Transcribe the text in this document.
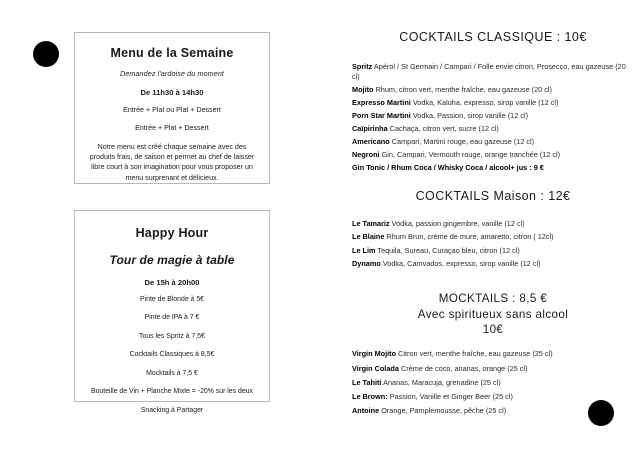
Menu de la Semaine
Demandez l'ardoise du moment
De 11h30 à 14h30
Entrée + Plat ou Plat + Dessert
Entrée + Plat + Dessert
Notre menu est créé chaque semaine avec des produits frais, de saison et permet au chef de laisser libre court à son imagination pour vous proposer un menu surprenant et délicieux.
Happy Hour
Tour de magie à table
De 15h à 20h00
Pinte de Blonde à 5€
Pinte de IPA à 7 €
Tous les Spritz à 7,5€
Cocktails Classiques à 8,5€
Mocktails à 7,5 €
Bouteille de Vin + Planche Mixte = -20% sur les deux
Snacking à Partager
COCKTAILS CLASSIQUE : 10€
Spritz Apérol / St Germain / Campari / Folle envie citron, Prosecco, eau gazeuse (20 cl)
Mojito Rhum, citron vert, menthe fraîche, eau gazeuse (20 cl)
Expresso Martini Vodka, Kaluha, expresso, sirop vanille (12 cl)
Porn Star Martini Vodka, Passion, sirop vanille (12 cl)
Caïpirinha Cachaça, citron vert, sucre (12 cl)
Americano Campari, Martini rouge, eau gazeuse (12 cl)
Negroni Gin, Campari, Vermouth rouge, orange tranchée (12 cl)
Gin Tonic / Rhum Coca / Whisky Coca / alcool+ jus : 9 €
COCKTAILS Maison : 12€
Le Tamariz Vodka, passion gingembre, vanille (12 cl)
Le Blaine Rhum Brun, crème de mure, amaretto, citron ( 12cl)
Le Lim Tequila, Sureau, Curaçao bleu, citron (12 cl)
Dynamo Vodka, Camvados, expresso, sirop vanille (12 cl)
MOCKTAILS : 8,5 €
Avec spiritueux sans alcool
10€
Virgin Mojito Citron vert, menthe fraîche, eau gazeuse (25 cl)
Virgin Colada Crème de coco, ananas, orange (25 cl)
Le Tahiti Ananas, Maracuja, grenadine (25 cl)
Le Brown: Passion, Vanille et Ginger Beer (25 cl)
Antoine Orange, Pamplemousse, pêche (25 cl)
